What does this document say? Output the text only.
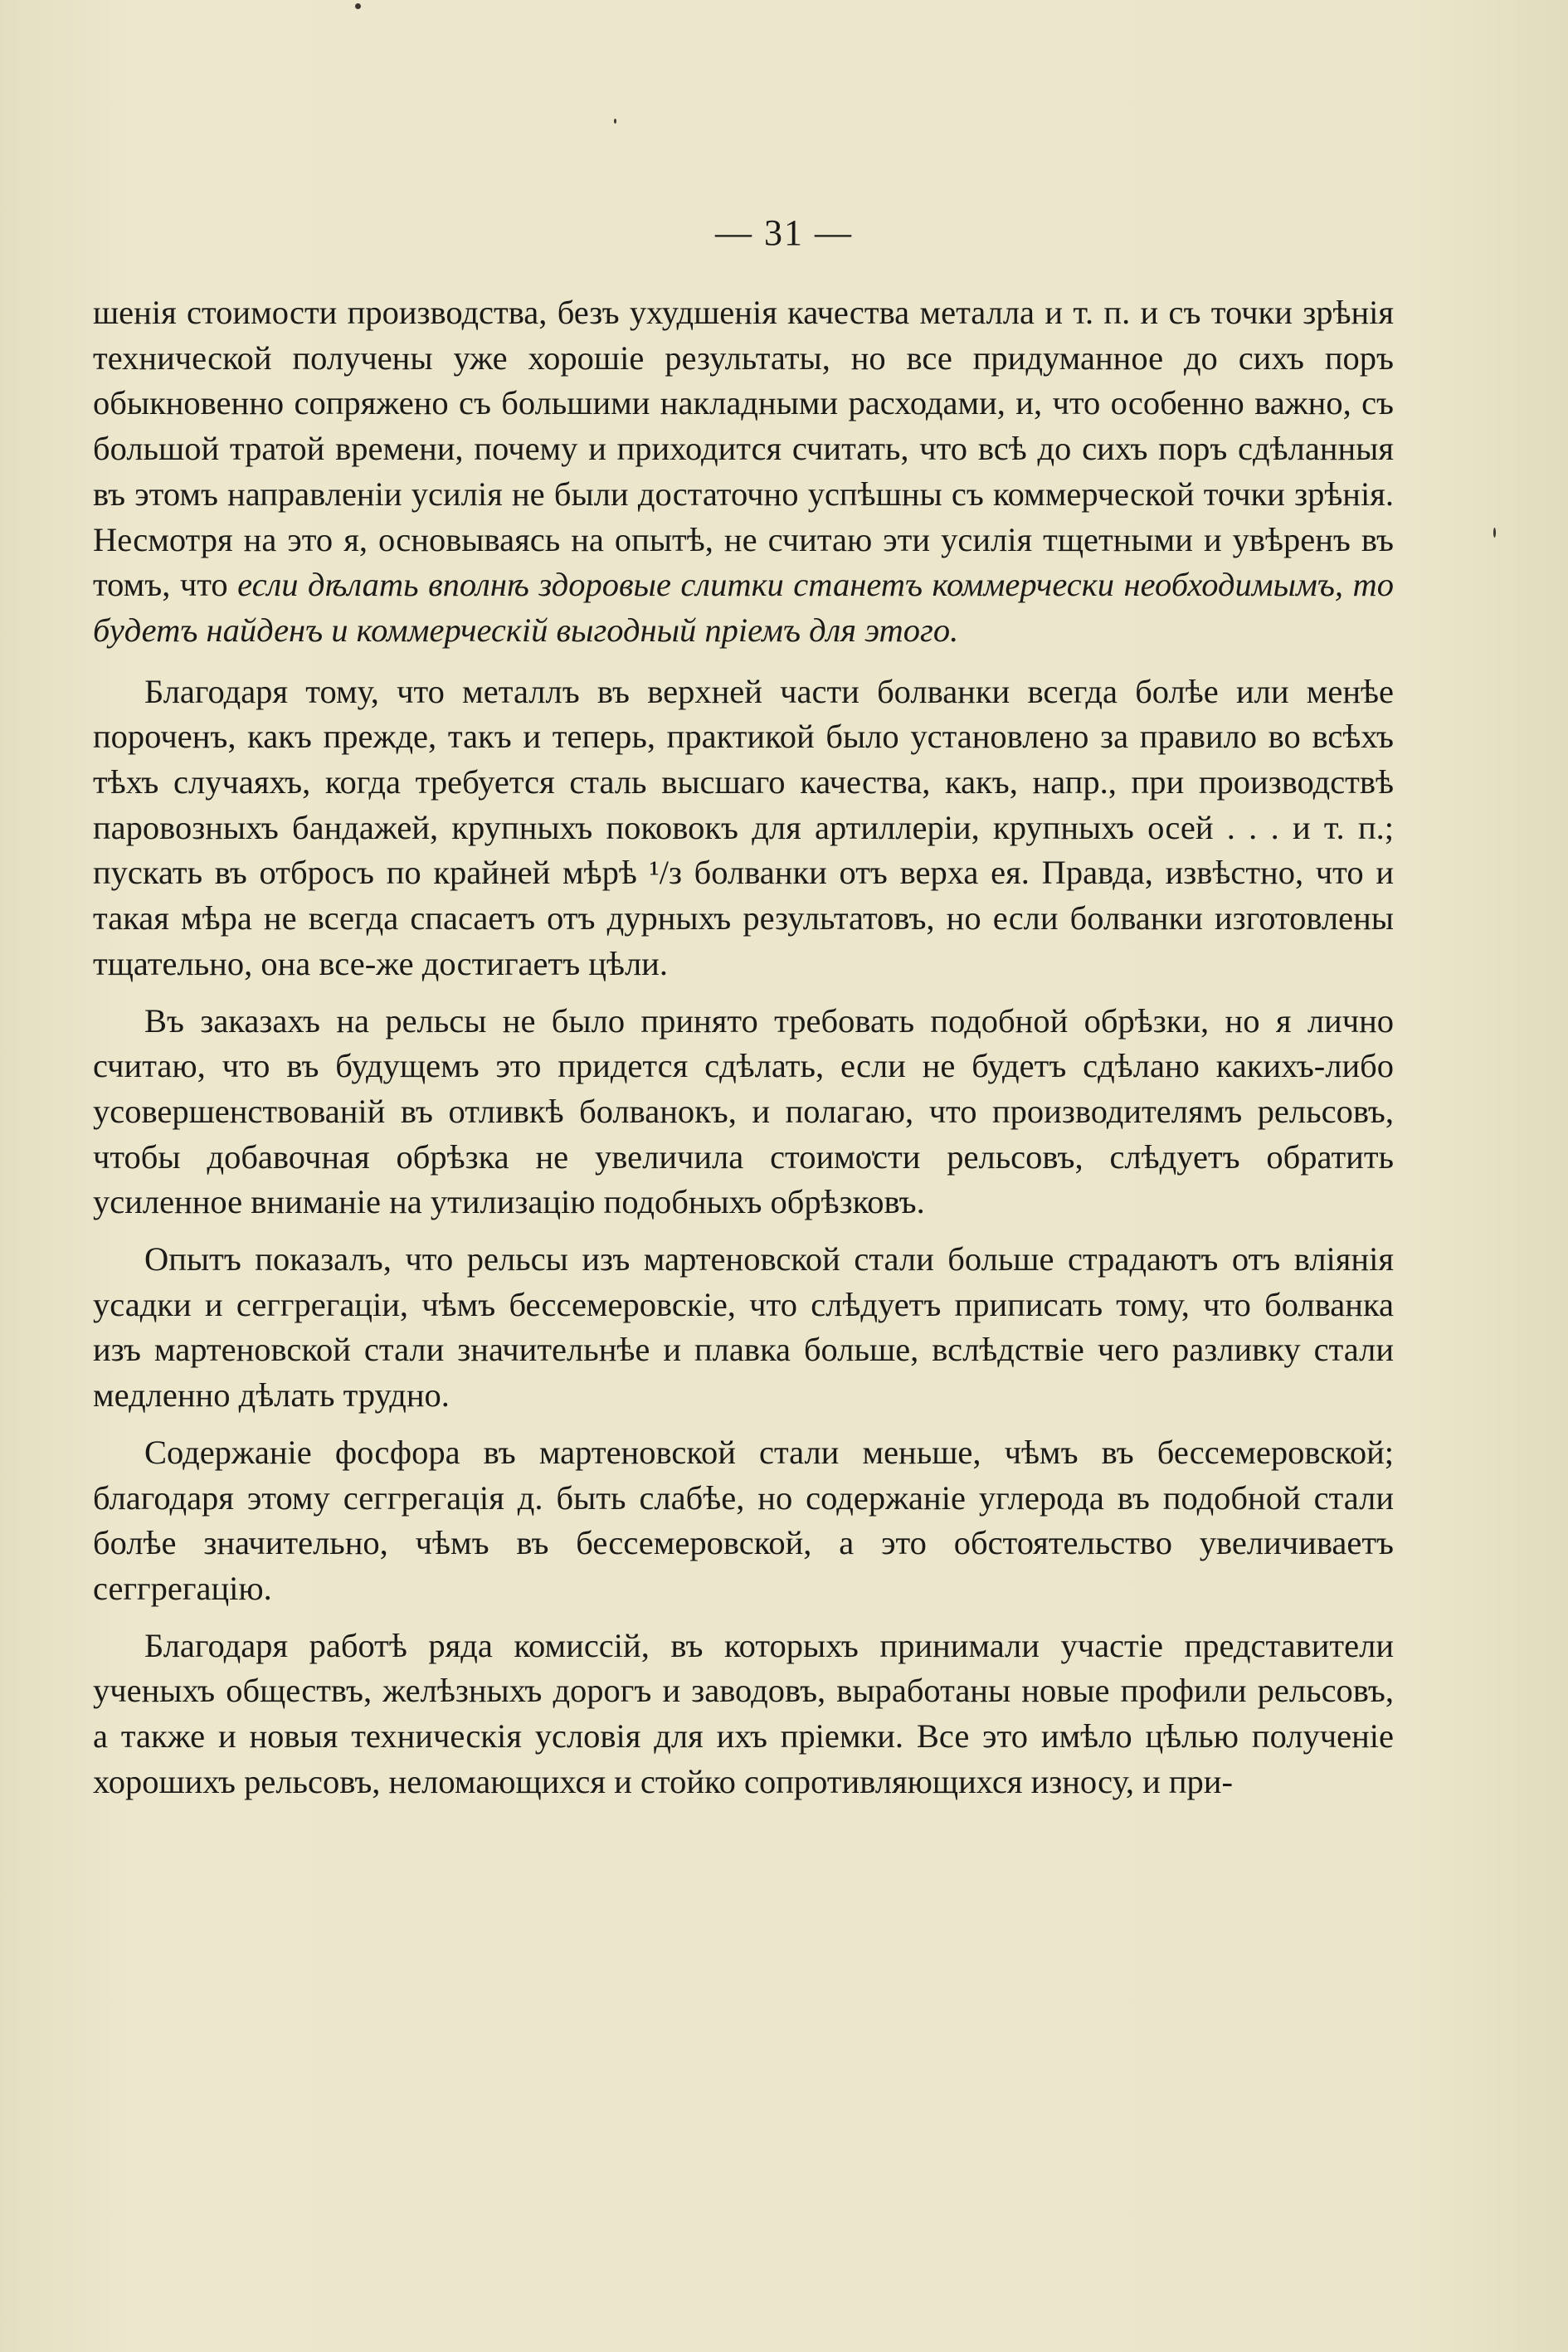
— 31 —

шенія стоимости производства, безъ ухудшенія качества металла и т. п. и съ точки зрѣнія технической получены уже хорошіе результаты, но все придуманное до сихъ поръ обыкновенно сопряжено съ большими накладными расходами, и, что особенно важно, съ большой тратой времени, почему и приходится считать, что всѣ до сихъ поръ сдѣланныя въ этомъ направленіи усилія не были достаточно успѣшны съ коммерческой точки зрѣнія. Несмотря на это я, основываясь на опытѣ, не считаю эти усилія тщетными и увѣренъ въ томъ, что если дѣлать вполнѣ здоровые слитки станетъ коммерчески необходимымъ, то будетъ найденъ и коммерческій выгодный пріемъ для этого.

Благодаря тому, что металлъ въ верхней части болванки всегда болѣе или менѣе пороченъ, какъ прежде, такъ и теперь, практикой было установлено за правило во всѣхъ тѣхъ случаяхъ, когда требуется сталь высшаго качества, какъ, напр., при производствѣ паровозныхъ бандажей, крупныхъ поковокъ для артиллеріи, крупныхъ осей . . . и т. п.; пускать въ отбросъ по крайней мѣрѣ ¹/з болванки отъ верха ея. Правда, извѣстно, что и такая мѣра не всегда спасаетъ отъ дурныхъ результатовъ, но если болванки изготовлены тщательно, она все-же достигаетъ цѣли.

Въ заказахъ на рельсы не было принято требовать подобной обрѣзки, но я лично считаю, что въ будущемъ это придется сдѣлать, если не будетъ сдѣлано какихъ-либо усовершенствованій въ отливкѣ болванокъ, и полагаю, что производителямъ рельсовъ, чтобы добавочная обрѣзка не увеличила стоимости рельсовъ, слѣдуетъ обратить усиленное вниманіе на утилизацію подобныхъ обрѣзковъ.

Опытъ показалъ, что рельсы изъ мартеновской стали больше страдаютъ отъ вліянія усадки и сеггрегаціи, чѣмъ бессемеровскіе, что слѣдуетъ приписать тому, что болванка изъ мартеновской стали значительнѣе и плавка больше, вслѣдствіе чего разливку стали медленно дѣлать трудно.

Содержаніе фосфора въ мартеновской стали меньше, чѣмъ въ бессемеровской; благодаря этому сеггрегація д. быть слабѣе, но содержаніе углерода въ подобной стали болѣе значительно, чѣмъ въ бессемеровской, а это обстоятельство увеличиваетъ сеггрегацію.

Благодаря работѣ ряда комиссій, въ которыхъ принимали участіе представители ученыхъ обществъ, желѣзныхъ дорогъ и заводовъ, выработаны новые профили рельсовъ, а также и новыя техническія условія для ихъ пріемки. Все это имѣло цѣлью полученіе хорошихъ рельсовъ, неломающихся и стойко сопротивляющихся износу, и при-
